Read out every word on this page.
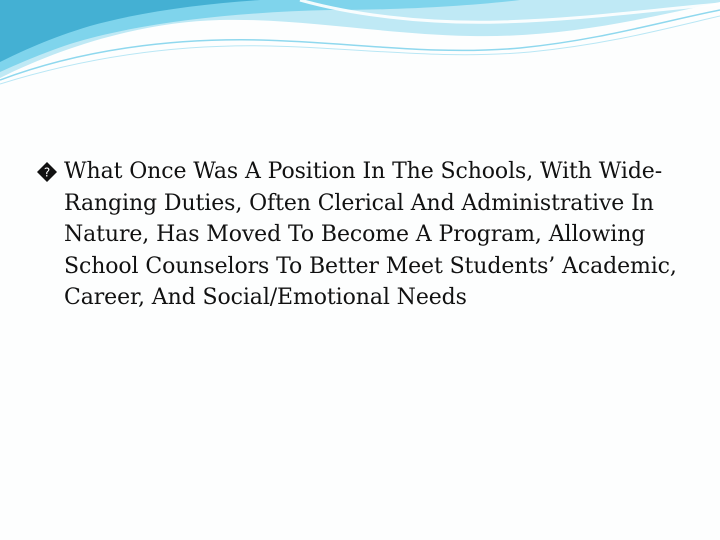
? What Once Was A Position In The Schools, With Wide-Ranging Duties, Often Clerical And Administrative In Nature, Has Moved To Become A Program, Allowing School Counselors To Better Meet Students’ Academic, Career, And Social/Emotional Needs
